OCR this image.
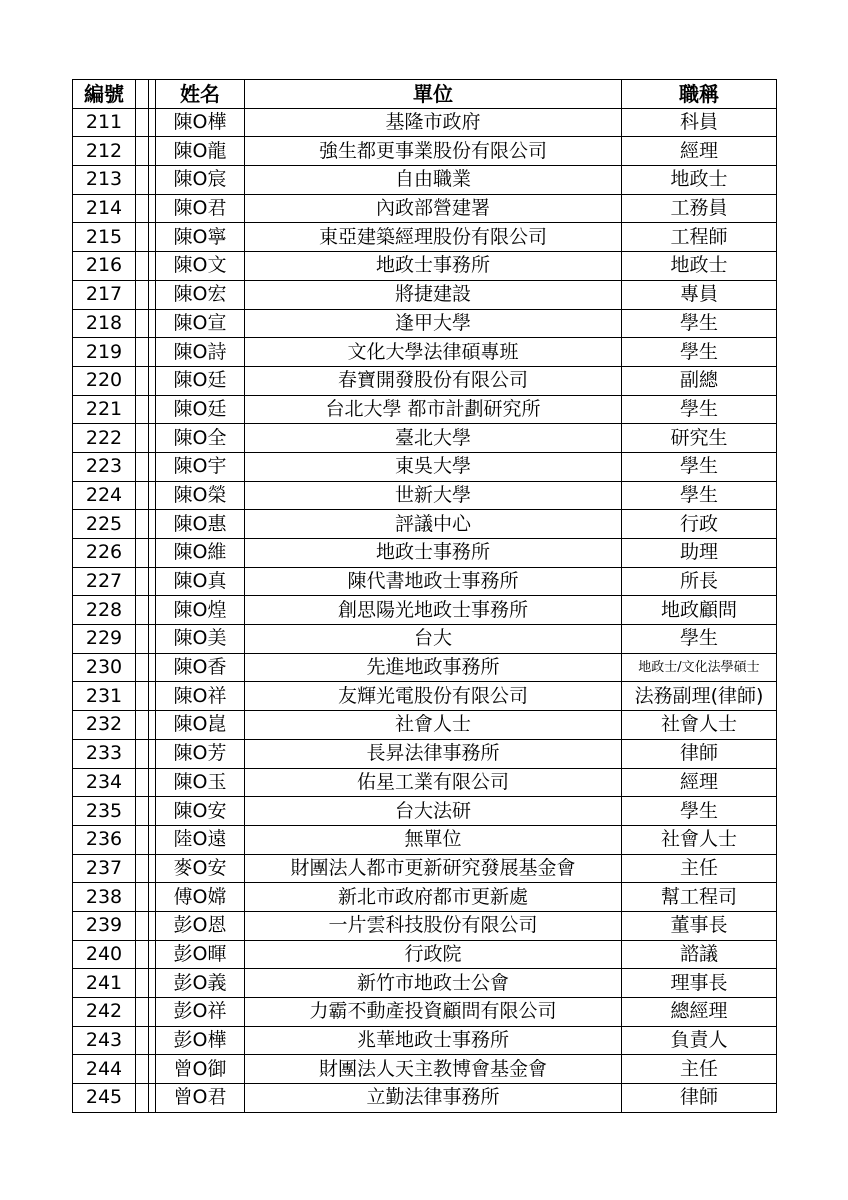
編號			姓名	單位	職稱
211			陳O樺	基隆市政府	科員
212			陳O龍	強生都更事業股份有限公司	經理
213			陳O宸	自由職業	地政士
214			陳O君	內政部營建署	工務員
215			陳O寧	東亞建築經理股份有限公司	工程師
216			陳O文	地政士事務所	地政士
217			陳O宏	將捷建設	專員
218			陳O宣	逢甲大學	學生
219			陳O詩	文化大學法律碩專班	學生
220			陳O廷	春寶開發股份有限公司	副總
221			陳O廷	台北大學 都市計劃研究所	學生
222			陳O全	臺北大學	研究生
223			陳O宇	東吳大學	學生
224			陳O榮	世新大學	學生
225			陳O惠	評議中心	行政
226			陳O維	地政士事務所	助理
227			陳O真	陳代書地政士事務所	所長
228			陳O煌	創思陽光地政士事務所	地政顧問
229			陳O美	台大	學生
230			陳O香	先進地政事務所	地政士/文化法學碩士
231			陳O祥	友輝光電股份有限公司	法務副理(律師)
232			陳O崑	社會人士	社會人士
233			陳O芳	長昇法律事務所	律師
234			陳O玉	佑星工業有限公司	經理
235			陳O安	台大法研	學生
236			陸O遠	無單位	社會人士
237			麥O安	財團法人都市更新研究發展基金會	主任
238			傅O嫦	新北市政府都市更新處	幫工程司
239			彭O恩	一片雲科技股份有限公司	董事長
240			彭O暉	行政院	諮議
241			彭O義	新竹市地政士公會	理事長
242			彭O祥	力霸不動產投資顧問有限公司	總經理
243			彭O樺	兆華地政士事務所	負責人
244			曾O御	財團法人天主教博會基金會	主任
245			曾O君	立勤法律事務所	律師
